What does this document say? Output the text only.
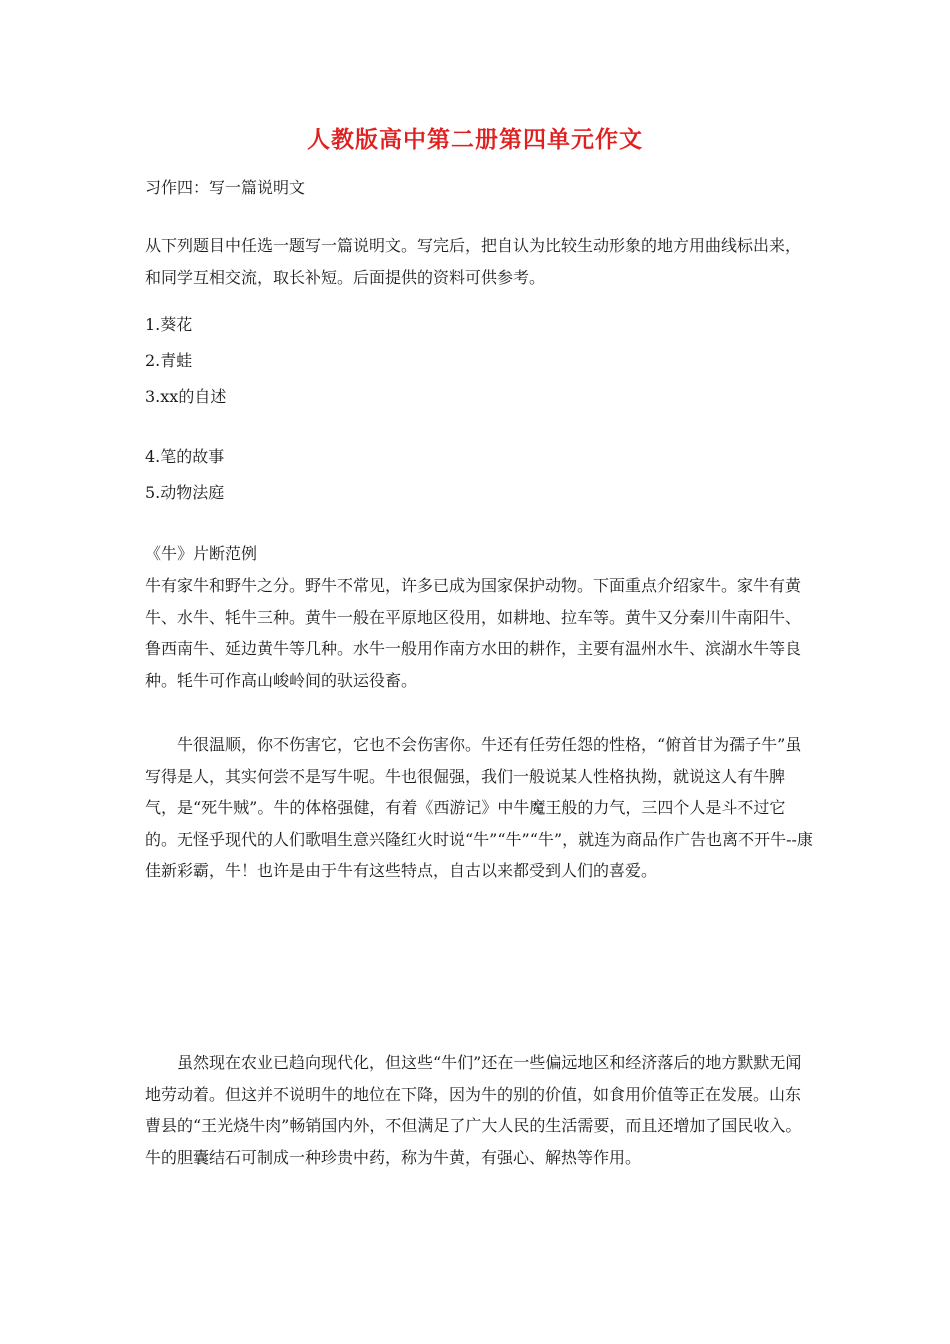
人教版高中第二册第四单元作文
习作四：写一篇说明文

从下列题目中任选一题写一篇说明文。写完后，把自认为比较生动形象的地方用曲线标出来，和同学互相交流，取长补短。后面提供的资料可供参考。

1.葵花
2.青蛙
3.xx的自述
4.笔的故事
5.动物法庭
《牛》片断范例

牛有家牛和野牛之分。野牛不常见，许多已成为国家保护动物。下面重点介绍家牛。家牛有黄牛、水牛、牦牛三种。黄牛一般在平原地区役用，如耕地、拉车等。黄牛又分秦川牛南阳牛、鲁西南牛、延边黄牛等几种。水牛一般用作南方水田的耕作，主要有温州水牛、滨湖水牛等良种。牦牛可作高山峻岭间的驮运役畜。

牛很温顺，你不伤害它，它也不会伤害你。牛还有任劳任怨的性格，“俯首甘为孺子牛”虽写得是人，其实何尝不是写牛呢。牛也很倔强，我们一般说某人性格执拗，就说这人有牛脾气，是“死牛贼”。牛的体格强健，有着《西游记》中牛魔王般的力气，三四个人是斗不过它的。无怪乎现代的人们歌唱生意兴隆红火时说“牛”“牛”“牛”，就连为商品作广告也离不开牛--康佳新彩霸，牛！也许是由于牛有这些特点，自古以来都受到人们的喜爱。

虽然现在农业已趋向现代化，但这些“牛们”还在一些偏远地区和经济落后的地方默默无闻地劳动着。但这并不说明牛的地位在下降，因为牛的别的价值，如食用价值等正在发展。山东曹县的“王光烧牛肉”畅销国内外，不但满足了广大人民的生活需要，而且还增加了国民收入。牛的胆囊结石可制成一种珍贵中药，称为牛黄，有强心、解热等作用。
